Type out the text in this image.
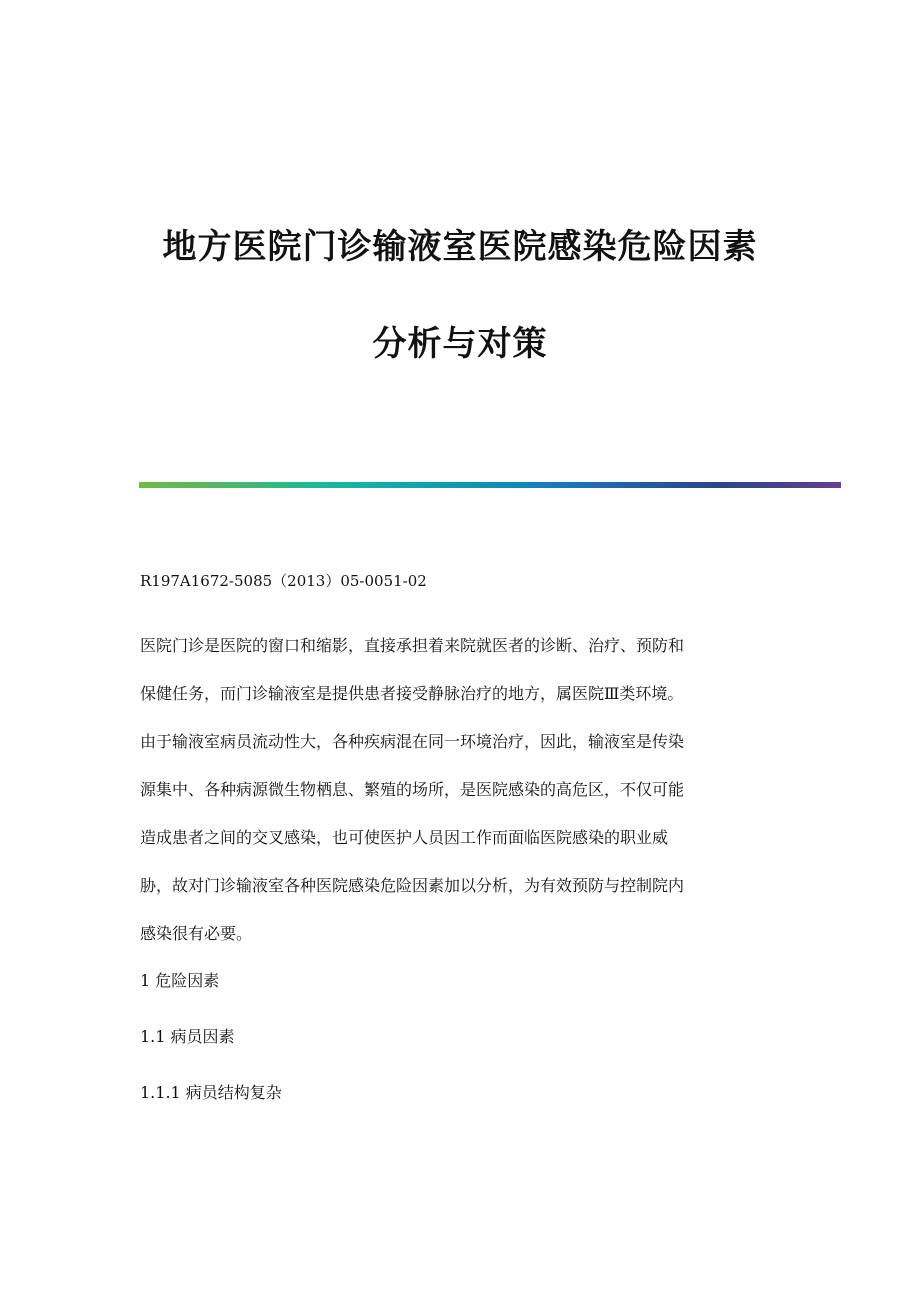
地方医院门诊输液室医院感染危险因素
分析与对策
R197A1672-5085（2013）05-0051-02
医院门诊是医院的窗口和缩影，直接承担着来院就医者的诊断、治疗、预防和
保健任务，而门诊输液室是提供患者接受静脉治疗的地方，属医院Ⅲ类环境。
由于输液室病员流动性大，各种疾病混在同一环境治疗，因此，输液室是传染
源集中、各种病源微生物栖息、繁殖的场所，是医院感染的高危区，不仅可能
造成患者之间的交叉感染，也可使医护人员因工作而面临医院感染的职业威
胁，故对门诊输液室各种医院感染危险因素加以分析，为有效预防与控制院内
感染很有必要。
1 危险因素
1.1 病员因素
1.1.1 病员结构复杂
